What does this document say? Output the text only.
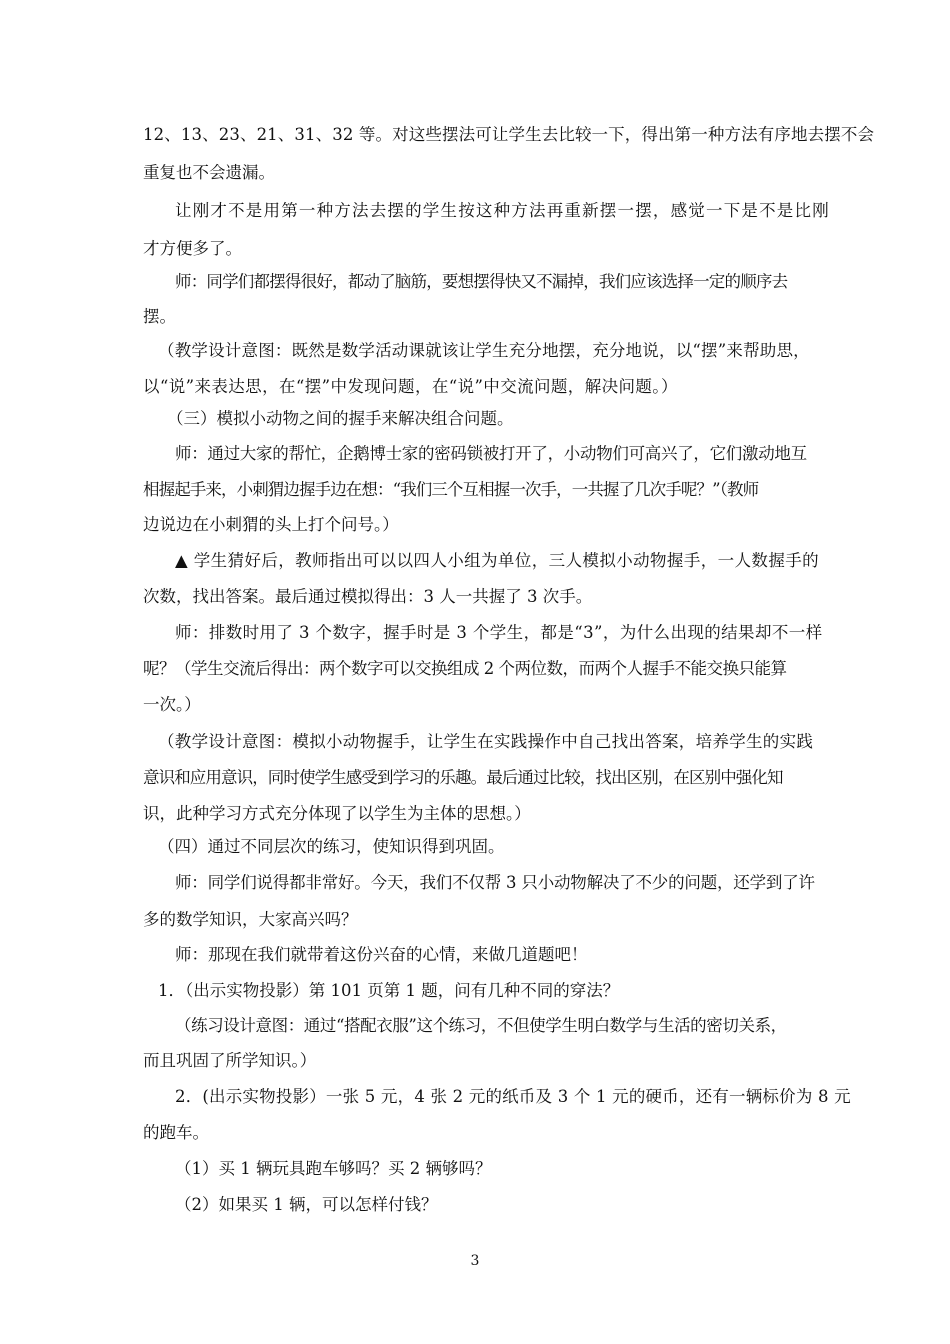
12、13、23、21、31、32 等。对这些摆法可让学生去比较一下，得出第一种方法有序地去摆不会
重复也不会遗漏。
让刚才不是用第一种方法去摆的学生按这种方法再重新摆一摆，感觉一下是不是比刚
才方便多了。
师：同学们都摆得很好，都动了脑筋，要想摆得快又不漏掉，我们应该选择一定的顺序去
摆。
（教学设计意图：既然是数学活动课就该让学生充分地摆，充分地说，以“摆”来帮助思，
以“说”来表达思，在“摆”中发现问题，在“说”中交流问题，解决问题。）
（三）模拟小动物之间的握手来解决组合问题。
师：通过大家的帮忙，企鹅博士家的密码锁被打开了，小动物们可高兴了，它们激动地互
相握起手来，小刺猬边握手边在想：“我们三个互相握一次手，一共握了几次手呢？”（教师
边说边在小刺猬的头上打个问号。）
▲ 学生猜好后，教师指出可以以四人小组为单位，三人模拟小动物握手，一人数握手的
次数，找出答案。最后通过模拟得出：3 人一共握了 3 次手。
师：排数时用了 3 个数字，握手时是 3 个学生，都是“3”，为什么出现的结果却不一样
呢？（学生交流后得出：两个数字可以交换组成 2 个两位数，而两个人握手不能交换只能算
一次。）
（教学设计意图：模拟小动物握手，让学生在实践操作中自己找出答案，培养学生的实践
意识和应用意识，同时使学生感受到学习的乐趣。最后通过比较，找出区别，在区别中强化知
识，此种学习方式充分体现了以学生为主体的思想。）
（四）通过不同层次的练习，使知识得到巩固。
师：同学们说得都非常好。今天，我们不仅帮 3 只小动物解决了不少的问题，还学到了许
多的数学知识，大家高兴吗？
师：那现在我们就带着这份兴奋的心情，来做几道题吧！
1．（出示实物投影）第 101 页第 1 题，问有几种不同的穿法？
（练习设计意图：通过“搭配衣服”这个练习，不但使学生明白数学与生活的密切关系，
而且巩固了所学知识。）
2．(出示实物投影）一张 5 元，4 张 2 元的纸币及 3 个 1 元的硬币，还有一辆标价为 8 元
的跑车。
（1）买 1 辆玩具跑车够吗？买 2 辆够吗？
（2）如果买 1 辆，可以怎样付钱？
3
